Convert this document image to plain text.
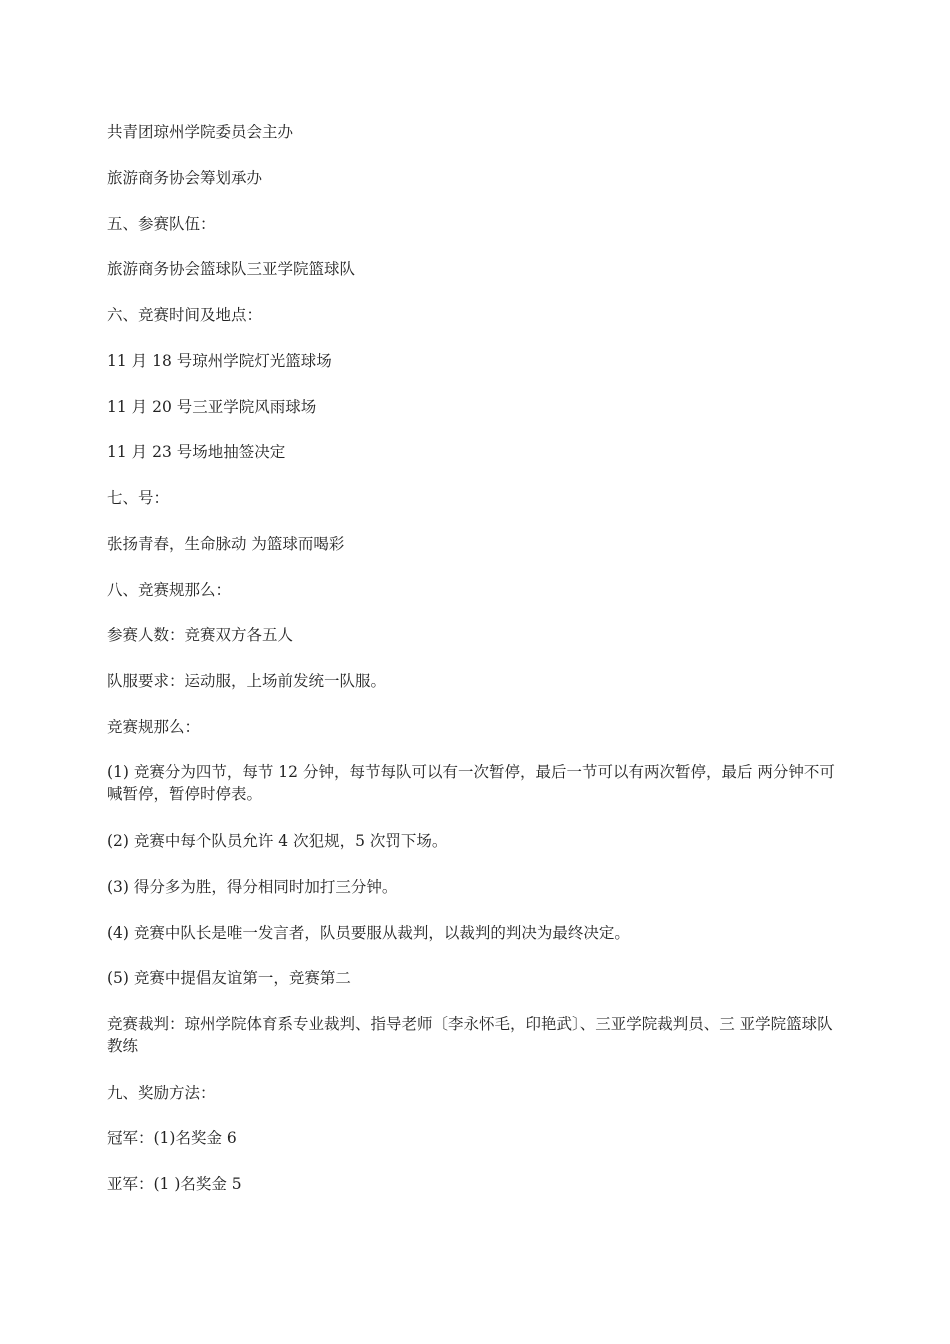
共青团琼州学院委员会主办
旅游商务协会筹划承办
五、参赛队伍：
旅游商务协会篮球队三亚学院篮球队
六、竞赛时间及地点：
11 月 18 号琼州学院灯光篮球场
11 月 20 号三亚学院风雨球场
11 月 23 号场地抽签决定
七、号：
张扬青春，生命脉动 为篮球而喝彩
八、竞赛规那么：
参赛人数：竞赛双方各五人
队服要求：运动服，上场前发统一队服。
竞赛规那么：
(1) 竞赛分为四节，每节 12 分钟，每节每队可以有一次暂停，最后一节可以有两次暂停，最后 两分钟不可喊暂停，暂停时停表。
(2) 竞赛中每个队员允许 4 次犯规，5 次罚下场。
(3) 得分多为胜，得分相同时加打三分钟。
(4) 竞赛中队长是唯一发言者，队员要服从裁判，以裁判的判决为最终决定。
(5) 竞赛中提倡友谊第一，竞赛第二
竞赛裁判：琼州学院体育系专业裁判、指导老师〔李永怀毛，印艳武〕、三亚学院裁判员、三 亚学院篮球队教练
九、奖励方法：
冠军：(1)名奖金 6
亚军：(1 )名奖金 5
